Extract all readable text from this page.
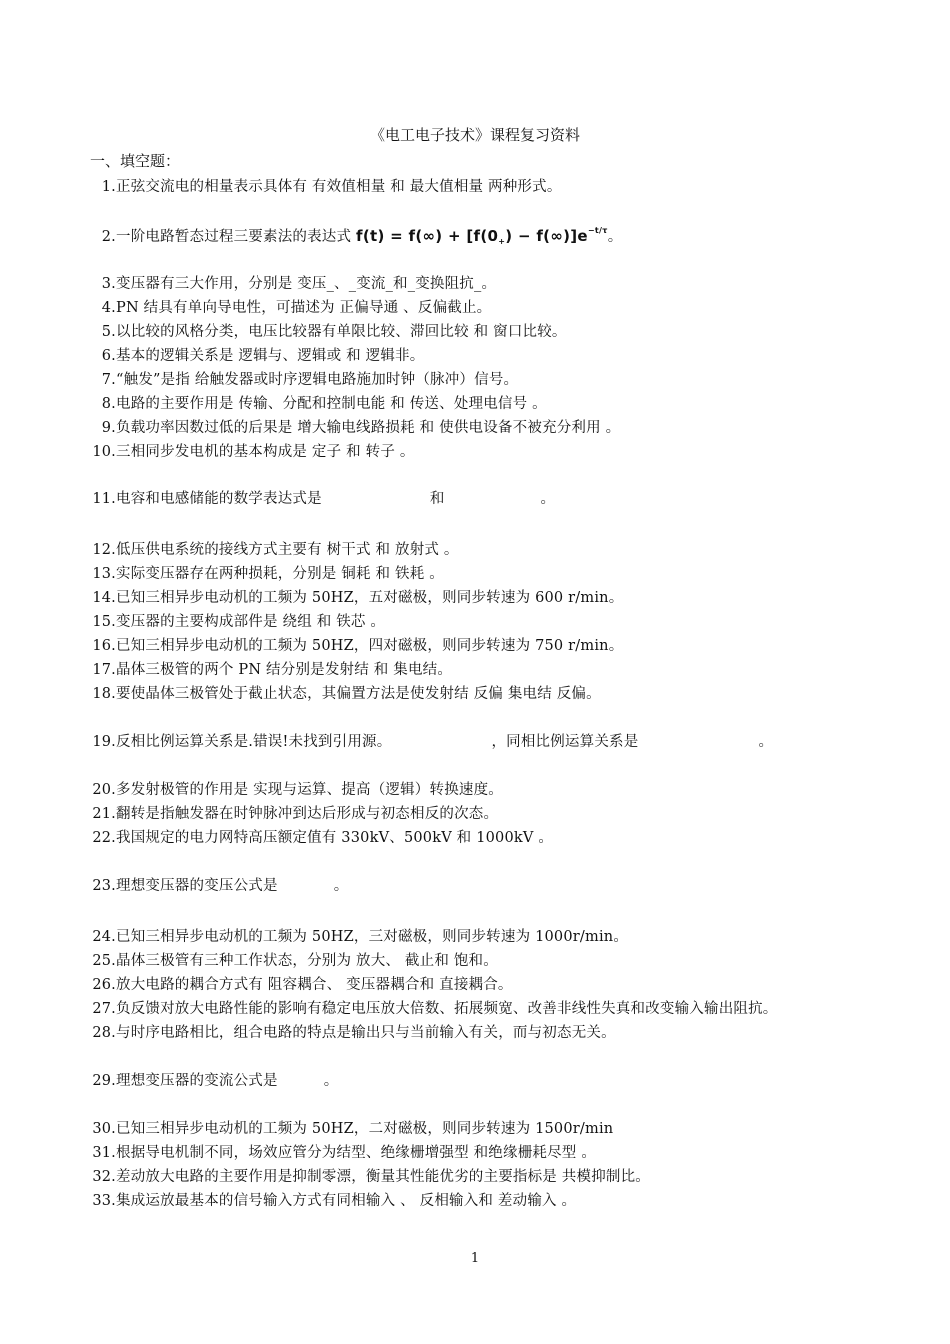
《电工电子技术》课程复习资料
一、填空题：
1.正弦交流电的相量表示具体有 有效值相量 和 最大值相量 两种形式。
2.一阶电路暂态过程三要素法的表达式 $f(t) = f(\infty) + [f(0_+) - f(\infty)]e^{-t/\tau}$。
3.变压器有三大作用，分别是 变压_、_变流_和_变换阻抗_。
4.PN 结具有单向导电性，可描述为 正偏导通 、反偏截止。
5.以比较的风格分类，电压比较器有单限比较、滞回比较 和 窗口比较。
6.基本的逻辑关系是 逻辑与、逻辑或 和 逻辑非。
7.“触发”是指 给触发器或时序逻辑电路施加时钟（脉冲）信号。
8.电路的主要作用是 传输、分配和控制电能 和 传送、处理电信号 。
9.负载功率因数过低的后果是 增大输电线路损耗 和 使供电设备不被充分利用 。
10.三相同步发电机的基本构成是 定子 和 转子 。
11.电容和电感储能的数学表达式是	和	。
12.低压供电系统的接线方式主要有 树干式 和 放射式 。
13.实际变压器存在两种损耗，分别是 铜耗 和 铁耗 。
14.已知三相异步电动机的工频为 50HZ，五对磁极，则同步转速为 600 r/min。
15.变压器的主要构成部件是 绕组 和 铁芯 。
16.已知三相异步电动机的工频为 50HZ，四对磁极，则同步转速为 750 r/min。
17.晶体三极管的两个 PN 结分别是发射结 和 集电结。
18.要使晶体三极管处于截止状态，其偏置方法是使发射结 反偏 集电结 反偏。
19.反相比例运算关系是.错误!未找到引用源。	，同相比例运算关系是	。
20.多发射极管的作用是 实现与运算、提高（逻辑）转换速度。
21.翻转是指触发器在时钟脉冲到达后形成与初态相反的次态。
22.我国规定的电力网特高压额定值有 330kV、500kV 和 1000kV 。
23.理想变压器的变压公式是	。
24.已知三相异步电动机的工频为 50HZ，三对磁极，则同步转速为 1000r/min。
25.晶体三极管有三种工作状态，分别为 放大、 截止和 饱和。
26.放大电路的耦合方式有 阻容耦合、 变压器耦合和 直接耦合。
27.负反馈对放大电路性能的影响有稳定电压放大倍数、拓展频宽、改善非线性失真和改变输入输出阻抗。
28.与时序电路相比，组合电路的特点是输出只与当前输入有关，而与初态无关。
29.理想变压器的变流公式是	。
30.已知三相异步电动机的工频为 50HZ，二对磁极，则同步转速为 1500r/min
31.根据导电机制不同，场效应管分为结型、绝缘栅增强型 和绝缘栅耗尽型 。
32.差动放大电路的主要作用是抑制零漂，衡量其性能优劣的主要指标是 共模抑制比。
33.集成运放最基本的信号输入方式有同相输入 、 反相输入和 差动输入 。
1
